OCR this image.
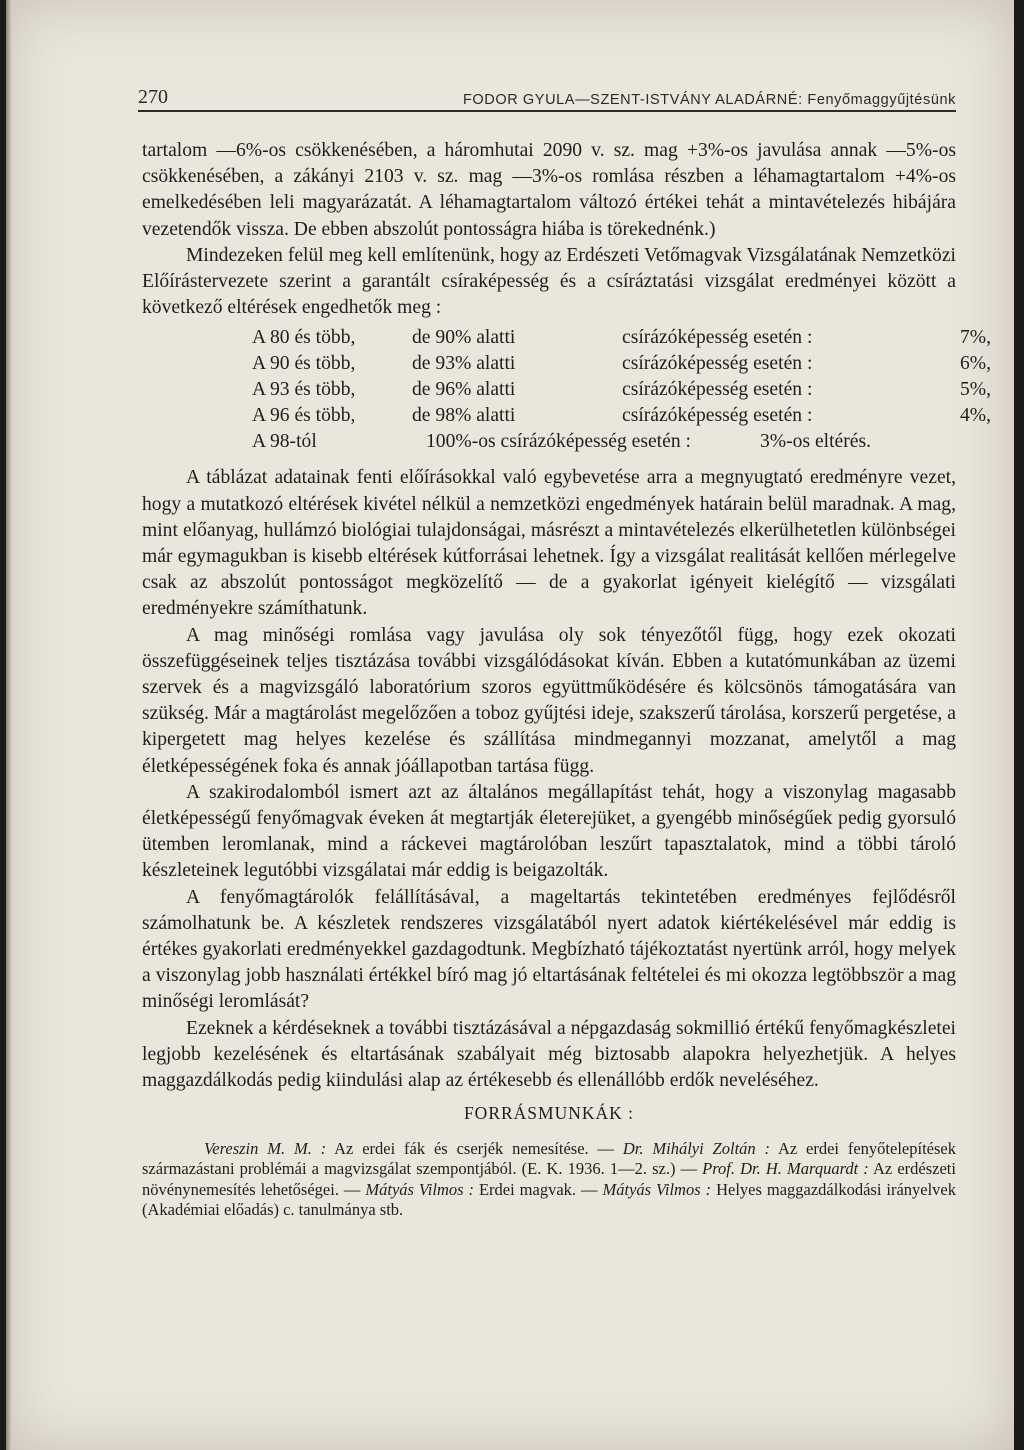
270	FODOR GYULA—SZENT-ISTVÁNY ALADÁRNÉ: Fenyőmaggyűjtésünk

tartalom —6%-os csökkenésében, a háromhutai 2090 v. sz. mag +3%-os javulása annak —5%-os csökkenésében, a zákányi 2103 v. sz. mag —3%-os romlása részben a léhamagtartalom +4%-os emelkedésében leli magyarázatát. A léhamagtartalom változó értékei tehát a mintavételezés hibájára vezetendők vissza. De ebben abszolút pontosságra hiába is törekednénk.)

Mindezeken felül meg kell említenünk, hogy az Erdészeti Vetőmagvak Vizsgálatának Nemzetközi Előírástervezete szerint a garantált csíraképesség és a csíráztatási vizsgálat eredményei között a következő eltérések engedhetők meg :

A 80 és több,	de 90% alatti	csírázóképesség esetén :	7%,
A 90 és több,	de 93% alatti	csírázóképesség esetén :	6%,
A 93 és több,	de 96% alatti	csírázóképesség esetén :	5%,
A 96 és több,	de 98% alatti	csírázóképesség esetén :	4%,
A 98-tól	100%-os csírázóképesség esetén :	3%-os eltérés.

A táblázat adatainak fenti előírásokkal való egybevetése arra a megnyugtató eredményre vezet, hogy a mutatkozó eltérések kivétel nélkül a nemzetközi engedmények határain belül maradnak. A mag, mint előanyag, hullámzó biológiai tulajdonságai, másrészt a mintavételezés elkerülhetetlen különbségei már egymagukban is kisebb eltérések kútforrásai lehetnek. Így a vizsgálat realitását kellően mérlegelve csak az abszolút pontosságot megközelítő — de a gyakorlat igényeit kielégítő — vizsgálati eredményekre számíthatunk.

A mag minőségi romlása vagy javulása oly sok tényezőtől függ, hogy ezek okozati összefüggéseinek teljes tisztázása további vizsgálódásokat kíván. Ebben a kutatómunkában az üzemi szervek és a magvizsgáló laboratórium szoros együttműködésére és kölcsönös támogatására van szükség. Már a magtárolást megelőzően a toboz gyűjtési ideje, szakszerű tárolása, korszerű pergetése, a kipergetett mag helyes kezelése és szállítása mindmegannyi mozzanat, amelytől a mag életképességének foka és annak jóállapotban tartása függ.

A szakirodalomból ismert azt az általános megállapítást tehát, hogy a viszonylag magasabb életképességű fenyőmagvak éveken át megtartják életerejüket, a gyengébb minőségűek pedig gyorsuló ütemben leromlanak, mind a ráckevei magtárolóban leszűrt tapasztalatok, mind a többi tároló készleteinek legutóbbi vizsgálatai már eddig is beigazolták.

A fenyőmagtárolók felállításával, a mageltartás tekintetében eredményes fejlődésről számolhatunk be. A készletek rendszeres vizsgálatából nyert adatok kiértékelésével már eddig is értékes gyakorlati eredményekkel gazdagodtunk. Megbízható tájékoztatást nyertünk arról, hogy melyek a viszonylag jobb használati értékkel bíró mag jó eltartásának feltételei és mi okozza legtöbbször a mag minőségi leromlását?

Ezeknek a kérdéseknek a további tisztázásával a népgazdaság sokmillió értékű fenyőmagkészletei legjobb kezelésének és eltartásának szabályait még biztosabb alapokra helyezhetjük. A helyes maggazdálkodás pedig kiindulási alap az értékesebb és ellenállóbb erdők neveléséhez.

FORRÁSMUNKÁK :

Vereszin M. M. : Az erdei fák és cserjék nemesítése. — Dr. Mihályi Zoltán : Az erdei fenyőtelepítések származástani problémái a magvizsgálat szempontjából. (E. K. 1936. 1—2. sz.) — Prof. Dr. H. Marquardt : Az erdészeti növénynemesítés lehetőségei. — Mátyás Vilmos : Erdei magvak. — Mátyás Vilmos : Helyes maggazdálkodási irányelvek (Akadémiai előadás) c. tanulmánya stb.
